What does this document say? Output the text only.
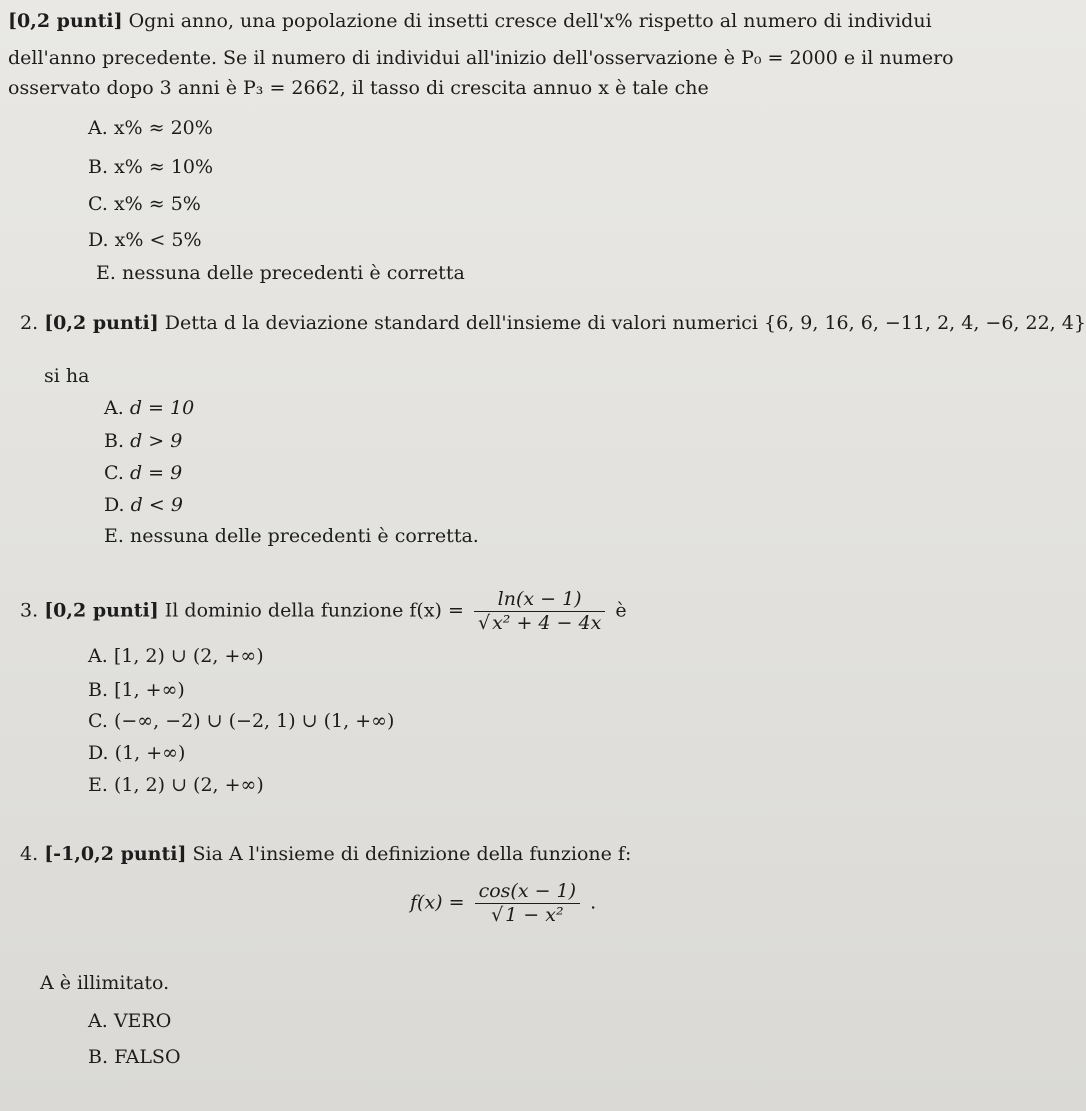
[0,2 punti] Ogni anno, una popolazione di insetti cresce dell'x% rispetto al numero di individui
dell'anno precedente. Se il numero di individui all'inizio dell'osservazione è P₀ = 2000 e il numero
osservato dopo 3 anni è P₃ = 2662, il tasso di crescita annuo x è tale che
A. x% ≈ 20%
B. x% ≈ 10%
C. x% ≈ 5%
D. x% < 5%
E. nessuna delle precedenti è corretta
2. [0,2 punti] Detta d la deviazione standard dell'insieme di valori numerici {6, 9, 16, 6, −11, 2, 4, −6, 22, 4}
si ha
A. d = 10
B. d > 9
C. d = 9
D. d < 9
E. nessuna delle precedenti è corretta.
3. [0,2 punti] Il dominio della funzione $f(x) = \frac{\ln(x - 1)}{\text{√ x² + 4 − 4x}}$ è
A. [1, 2) ∪ (2, +∞)
B. [1, +∞)
C. (−∞, −2) ∪ (−2, 1) ∪ (1, +∞)
D. (1, +∞)
E. (1, 2) ∪ (2, +∞)
4. [-1,0,2 punti] Sia A l'insieme di definizione della funzione f:
$f(x) = \frac{\cos(x - 1)}{\text{√ 1 − x²}}$ .
A è illimitato.
A. VERO
B. FALSO
